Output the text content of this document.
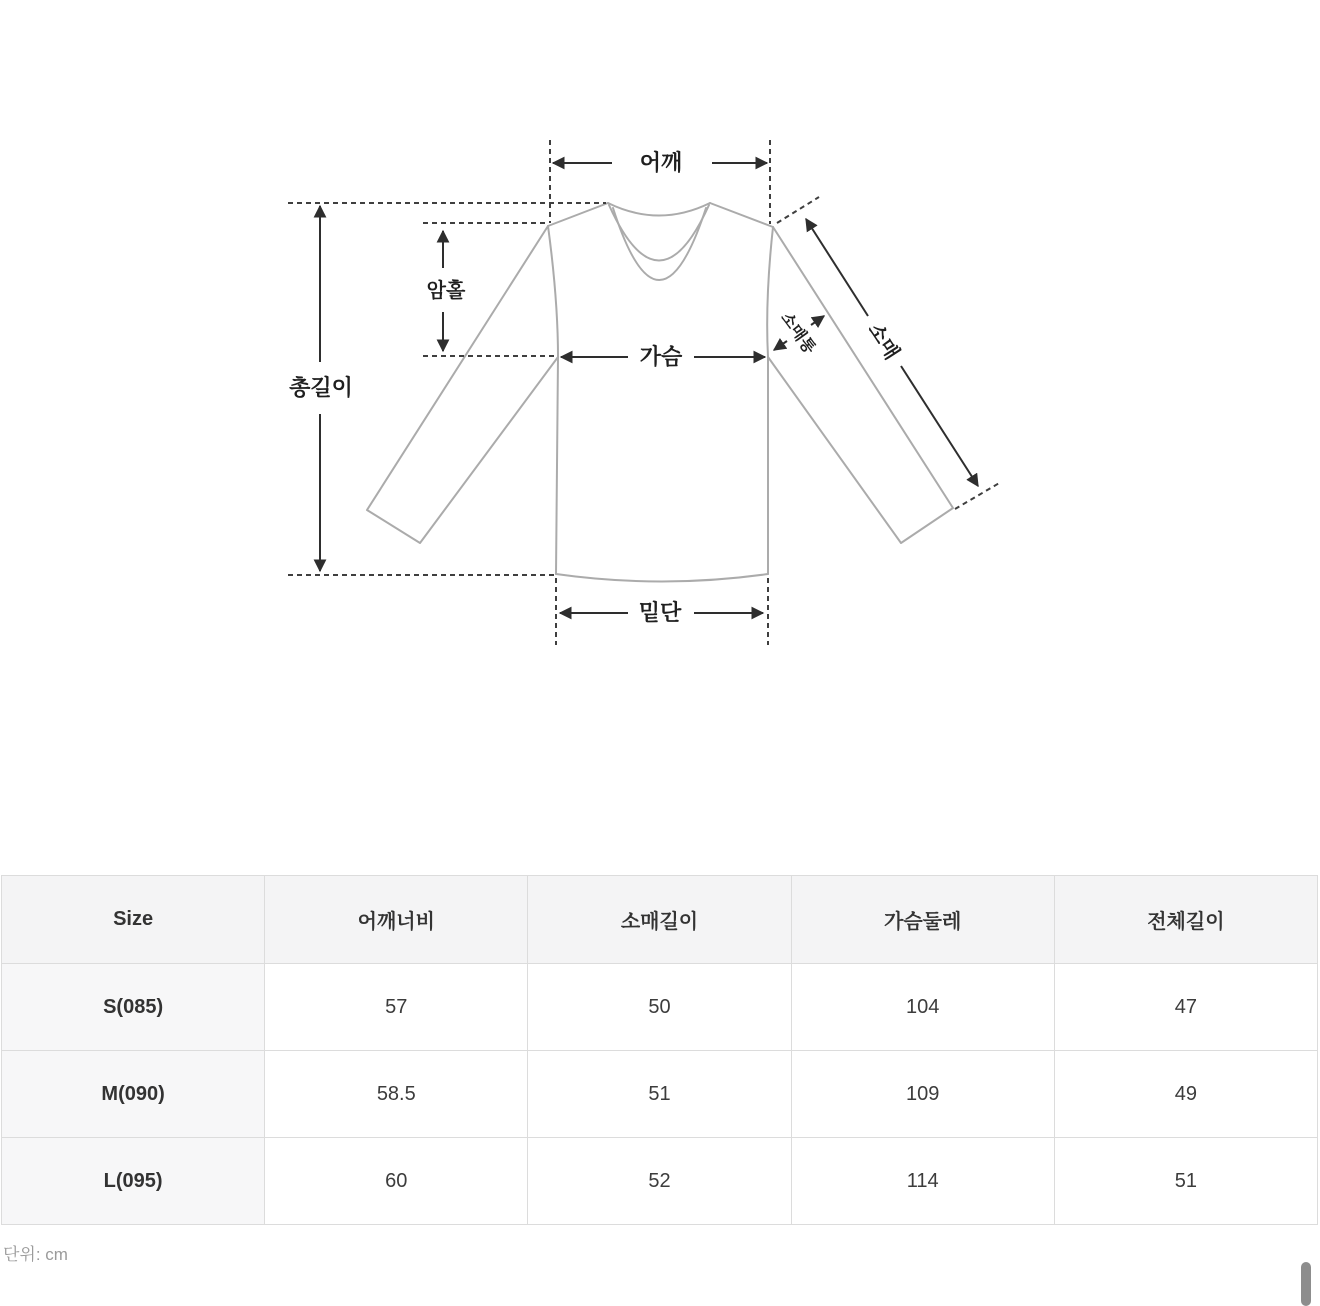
어깨
암홀
총길이
가슴	소매
소매통
밑단
Size	어깨너비	소매길이	가슴둘레	전체길이
S(085)	57	50	104	47
M(090)	58.5	51	109	49
L(095)	60	52	114	51
단위: cm
